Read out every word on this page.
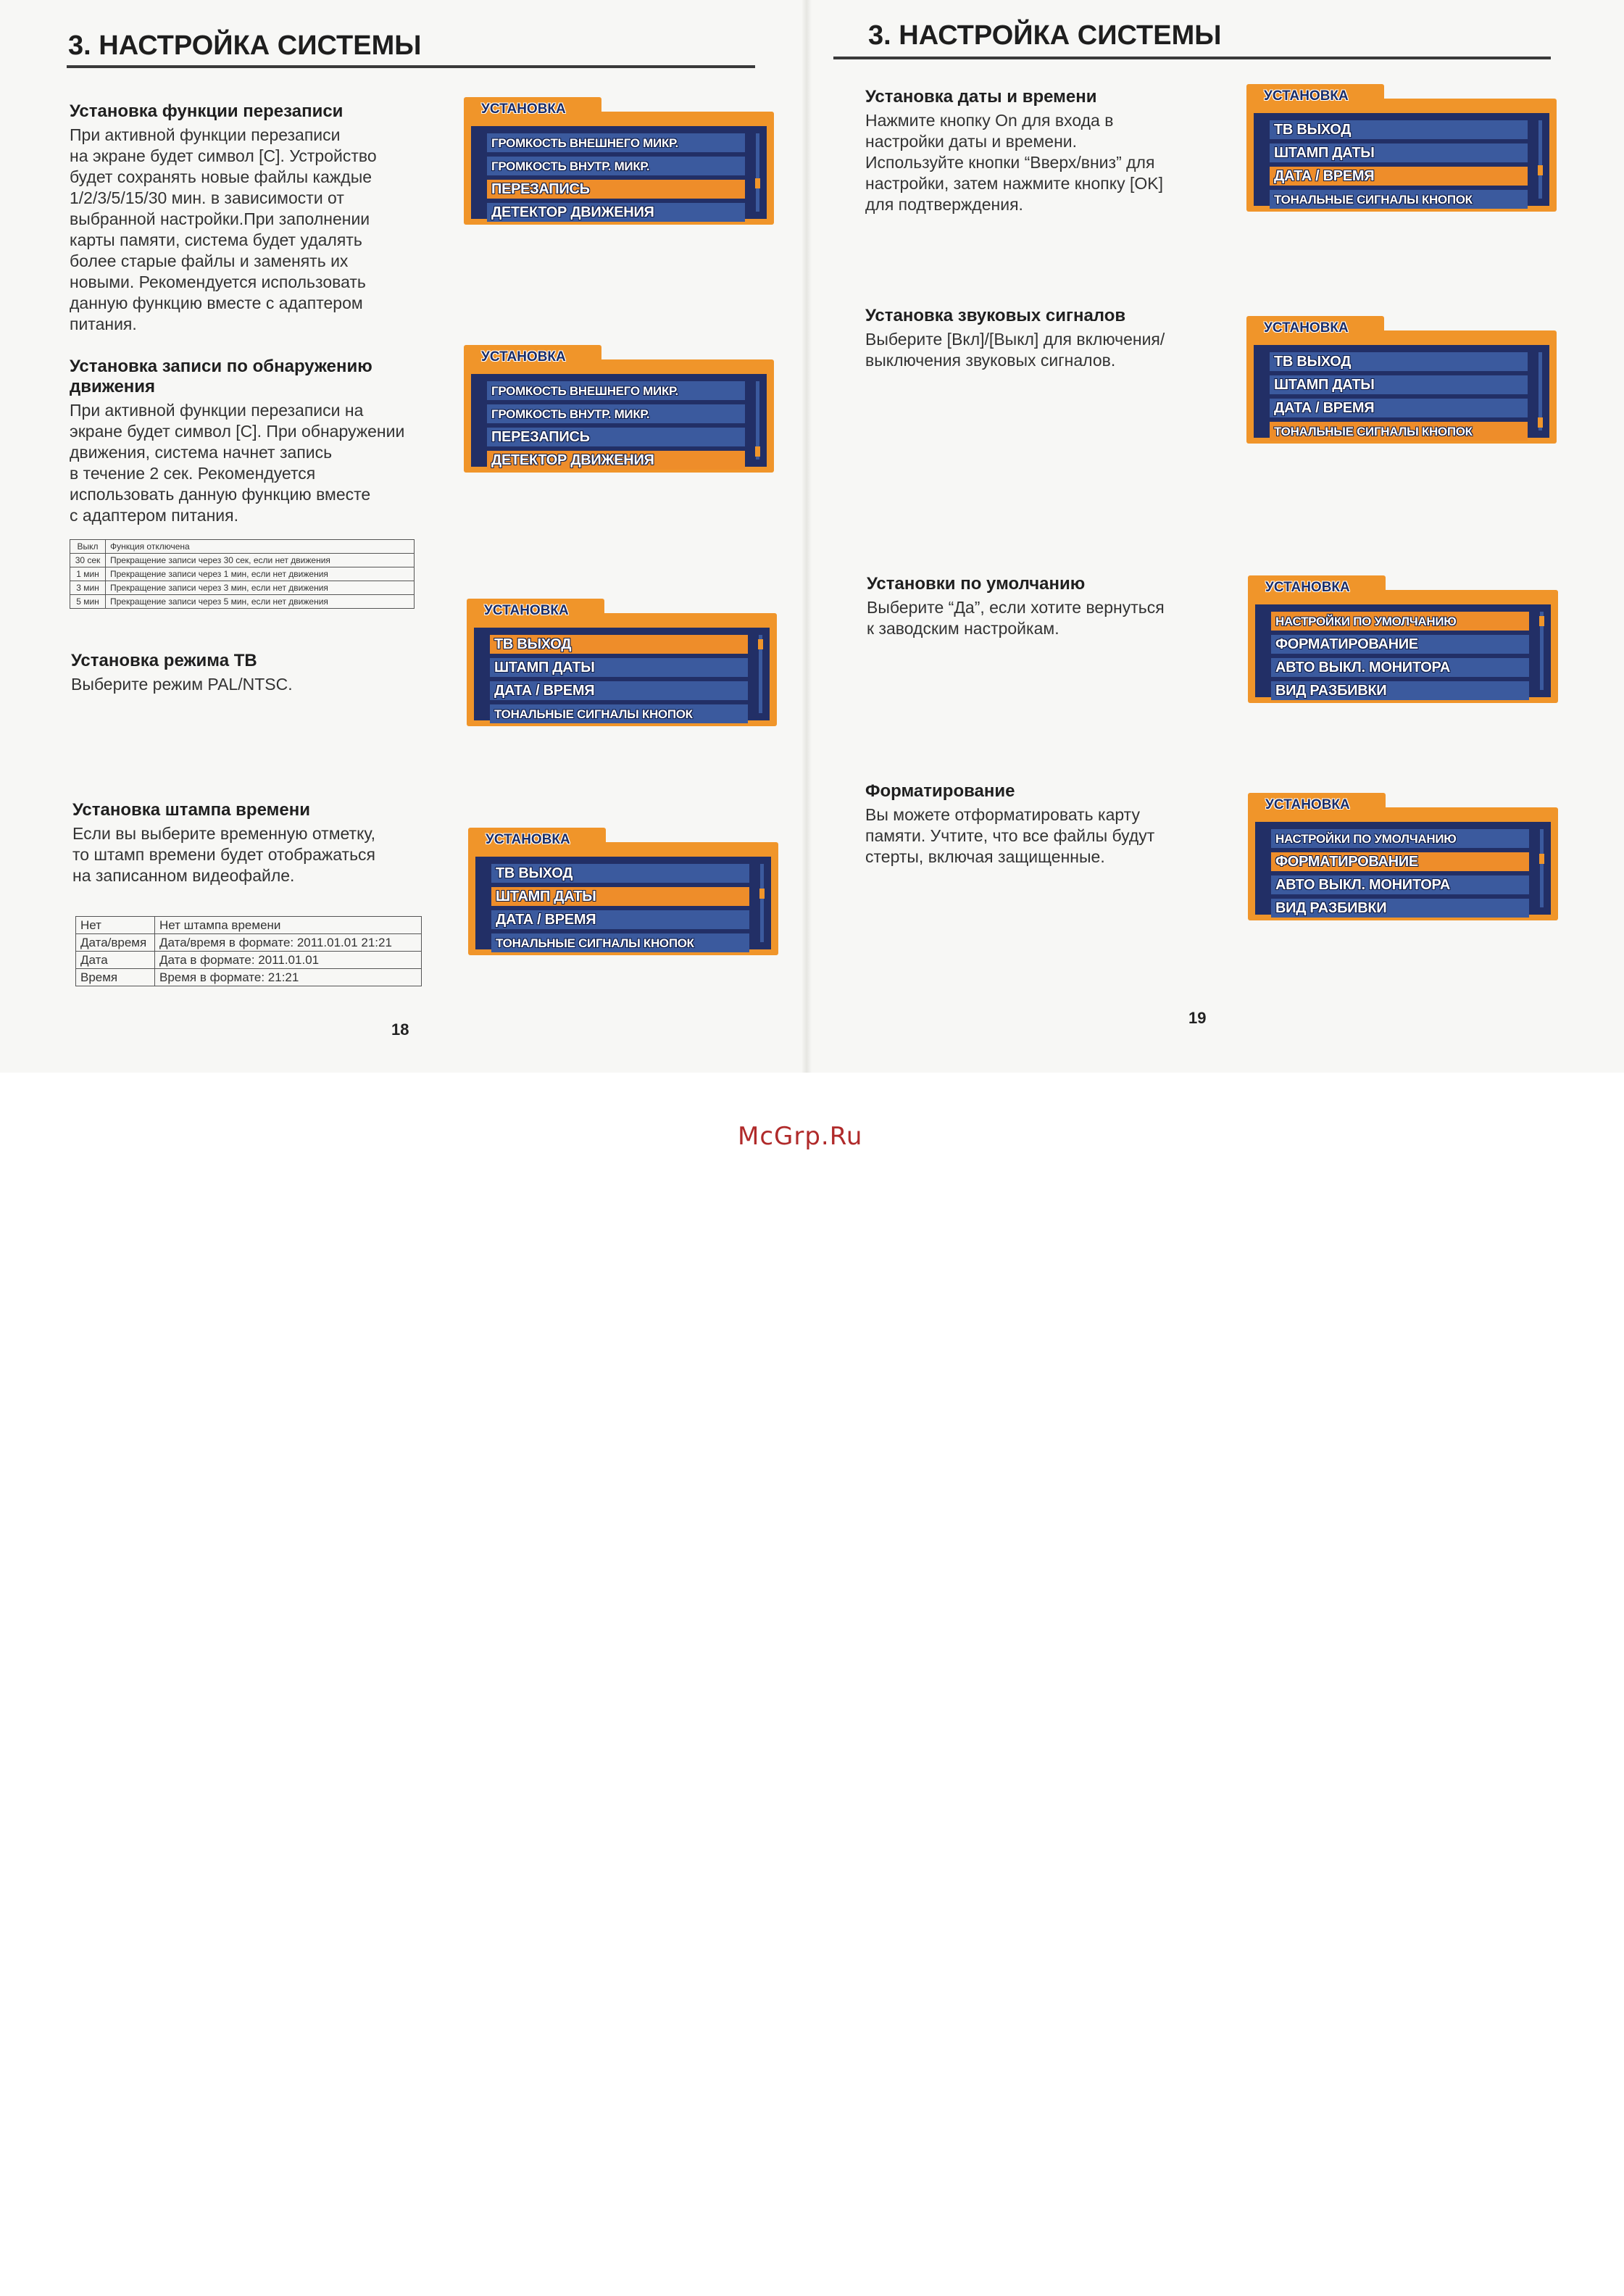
3. НАСТРОЙКА СИСТЕМЫ
Установка функции перезаписи

При активной функции перезаписи
на экране будет символ [C]. Устройство
будет сохранять новые файлы каждые
1/2/3/5/15/30 мин. в зависимости от
выбранной настройки.При заполнении
карты памяти, система будет удалять
более старые файлы и заменять их
новыми. Рекомендуется использовать
данную функцию вместе с адаптером
питания.

Установка записи по обнаружению
движения

При активной функции перезаписи на
экране будет символ [C]. При обнаружении
движения, система начнет запись
в течение 2 сек. Рекомендуется
использовать данную функцию вместе
с адаптером питания.

Выкл	Функция отключена
30 сек	Прекращение записи через 30 сек, если нет движения
1 мин	Прекращение записи через 1 мин, если нет движения
3 мин	Прекращение записи через 3 мин, если нет движения
5 мин	Прекращение записи через 5 мин, если нет движения
Установка режима ТВ

Выберите режим PAL/NTSC.

Установка штампа времени

Если вы выберите временную отметку,
то штамп времени будет отображаться
на записанном видеофайле.

Нет	Нет штампа времени
Дата/время	Дата/время в формате: 2011.01.01 21:21
Дата	Дата в формате: 2011.01.01
Время	Время в формате: 21:21
18
ГРОМКОСТЬ ВНЕШНЕГО МИКР.
ГРОМКОСТЬ ВНУТР. МИКР.
ПЕРЕЗАПИСЬ
ДЕТЕКТОР ДВИЖЕНИЯ
УСТАНОВКА
ГРОМКОСТЬ ВНЕШНЕГО МИКР.
ГРОМКОСТЬ ВНУТР. МИКР.
ПЕРЕЗАПИСЬ
ДЕТЕКТОР ДВИЖЕНИЯ
УСТАНОВКА
ТВ ВЫХОД
ШТАМП ДАТЫ
ДАТА / ВРЕМЯ
ТОНАЛЬНЫЕ СИГНАЛЫ КНОПОК
УСТАНОВКА
ТВ ВЫХОД
ШТАМП ДАТЫ
ДАТА / ВРЕМЯ
ТОНАЛЬНЫЕ СИГНАЛЫ КНОПОК
УСТАНОВКА
3. НАСТРОЙКА СИСТЕМЫ
Установка даты и времени

Нажмите кнопку On для входа в
настройки даты и времени.
Используйте кнопки “Вверх/вниз” для
настройки, затем нажмите кнопку [OK]
для подтверждения.

Установка звуковых сигналов

Выберите [Вкл]/[Выкл] для включения/
выключения звуковых сигналов.

Установки по умолчанию

Выберите “Да”, если хотите вернуться
к заводским настройкам.

Форматирование

Вы можете отформатировать карту
памяти. Учтите, что все файлы будут
стерты, включая защищенные.

19
ТВ ВЫХОД
ШТАМП ДАТЫ
ДАТА / ВРЕМЯ
ТОНАЛЬНЫЕ СИГНАЛЫ КНОПОК
УСТАНОВКА
ТВ ВЫХОД
ШТАМП ДАТЫ
ДАТА / ВРЕМЯ
ТОНАЛЬНЫЕ СИГНАЛЫ КНОПОК
УСТАНОВКА
НАСТРОЙКИ ПО УМОЛЧАНИЮ
ФОРМАТИРОВАНИЕ
АВТО ВЫКЛ. МОНИТОРА
ВИД РАЗБИВКИ
УСТАНОВКА
НАСТРОЙКИ ПО УМОЛЧАНИЮ
ФОРМАТИРОВАНИЕ
АВТО ВЫКЛ. МОНИТОРА
ВИД РАЗБИВКИ
УСТАНОВКА
McGrp.Ru
